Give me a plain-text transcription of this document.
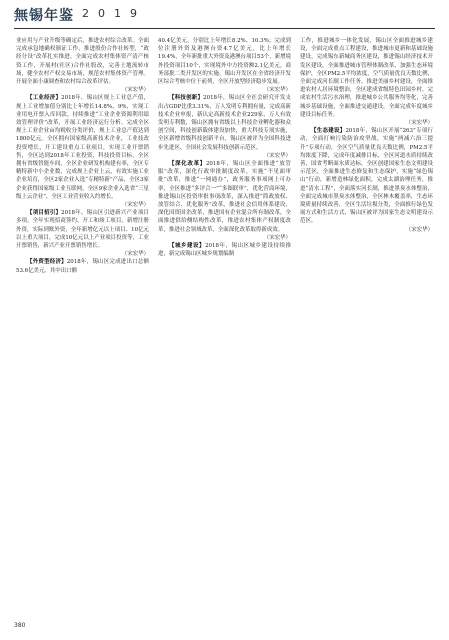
無锡年鉴 2019

业应用与产业升级等确定后，推进农村综合改革。全面完成承包地确权颁证工作，推进股份合作社转型，“政经分设”改革扎实推进。全面完成农村集体资产清产核资工作，开展村(社区)合作社股改，完善土地流转市场，健全农村产权交易市场，规范农村集体资产管理。开展全面小康调查和农村综合改革评估。

（宋宏华）

【工业经济】2018年，锡山区规上工业总产值，规上工业增加值分别比上年增长14.8%、9%，实现工业用电开票入库回款，持续推进“工业企业资源利用绩效管理评价”改革，开展工业经济运行分析。完成全区规上工业企业亩均税收分类评价，规上工业总产值达到1800亿元。全区拥有国家级高新技术企业，工业技改投资增长，开工建设重点工业项目，实现工业开票销售，全区达到2018年工业投资、科技投资目标，全区拥有省级智能车间，全区企业研发机构建有率，全区专精特新中小企业数，完成规上企业上云，有效实施工业企业培育，全区2家企业入选“专精特新”产品，全区3家企业获得国家级工业互联网，全区9家企业入选省“三星级上云企业”，全区工业营业收入约增长。

（宋宏华）

【项目招引】2018年，锡山区引进新兴产业项目多项，全年实现招商签约、开工和竣工项目，新增注册外资，实际到账外资，全年新增亿元以上项目、10亿元以上重大项目，完成10亿元以上产业项目投资等，工业开票销售，新兴产业开票销售增长。

（宋宏华）

【外资型经济】2018年，锡山区完成进出口总额53.6亿美元，其中出口额

40.4亿美元，分别比上年增长8.2%、10.3%；完成到位注册外资及港澳台资4.7亿美元，比上年增长19.4%，全年新批重大外资及港澳台项目53个，新增境外投资项目10个，实现境外中方投资额2.1亿美元，商务部批二类开发区的实施。锡山开发区在全省经济开发区综合考核中位于前列，全区开放型经济稳步发展。

（宋宏华）

【科技创新】2018年，锡山区全社会研究开发支出占GDP比重3.31%，万人发明专利拥有量，完成高新技术企业申报，新认定高新技术企业229家，万人有效发明专利数，锡山区拥有省级以上科技企业孵化器和众创空间，科技创新载体建设加快，重大科技专项实施，全区新增省级科技创新平台，锡山区被评为全国科技进步先进区、全国社会发展科技创新示范区。

（宋宏华）

【深化改革】2018年，锡山区全面推进“放管服”改革，深化行政审批制度改革，实施“不见面审批”改革，推进“一网通办”，政务服务事项网上可办率，全区推进“多评合一”“多图联审”，优化营商环境，推进锡山区投资审批事项改革，深入推进“简政放权、放管结合、优化服务”改革，推进社会信用体系建设，深化国资国企改革，推进国有企业混合所有制改革，全面推进供给侧结构性改革，推进农村集体产权制度改革，推进社会领域改革，全面深化改革取得新成效。

（宋宏华）

【城乡建设】2018年，锡山区城乡建设持续推进，新完成锡山区城乡规划编制

工作，推进城乡一体化发展，锡山区全面推进城乡建设，全面完成重点工程建设，推进城市更新和基础设施建设，完成锡东新城商务区建设，推进锡山经济技术开发区建设，全面推进城市管理体制改革，加强生态环境保护，全区PM2.5平均浓度，空气质量优良天数比例，全面完成河长制工作任务，推进美丽乡村建设，全面推进农村人居环境整治，全区建成省级特色田园乡村，完成农村生活污水治理，推进城乡公共服务均等化，完善城乡基础设施，全面推进交通建设，全面完成年度城乡建设目标任务。

（宋宏华）

【生态建设】2018年，锡山区开展“263”专项行动，全面打响污染防治攻坚战，实施“两减六治三提升”专项行动，全区空气质量优良天数比例，PM2.5平均浓度下降，完成年度减排目标，全区河道水质持续改善，国省考断面水质达标，全区创建国家生态文明建设示范区，全面推进生态修复和生态保护，实施“绿色锡山”行动，新增造林绿化面积，完成太湖治理任务，推进“清水工程”，全面落实河长制，推进黑臭水体整治，全面完成城市黑臭水体整治，全区林木覆盖率，生态环境质量持续改善，全区生活垃圾分类，全面推行绿色发展方式和生活方式，锡山区被评为国家生态文明建设示范区。

（宋宏华）

380
